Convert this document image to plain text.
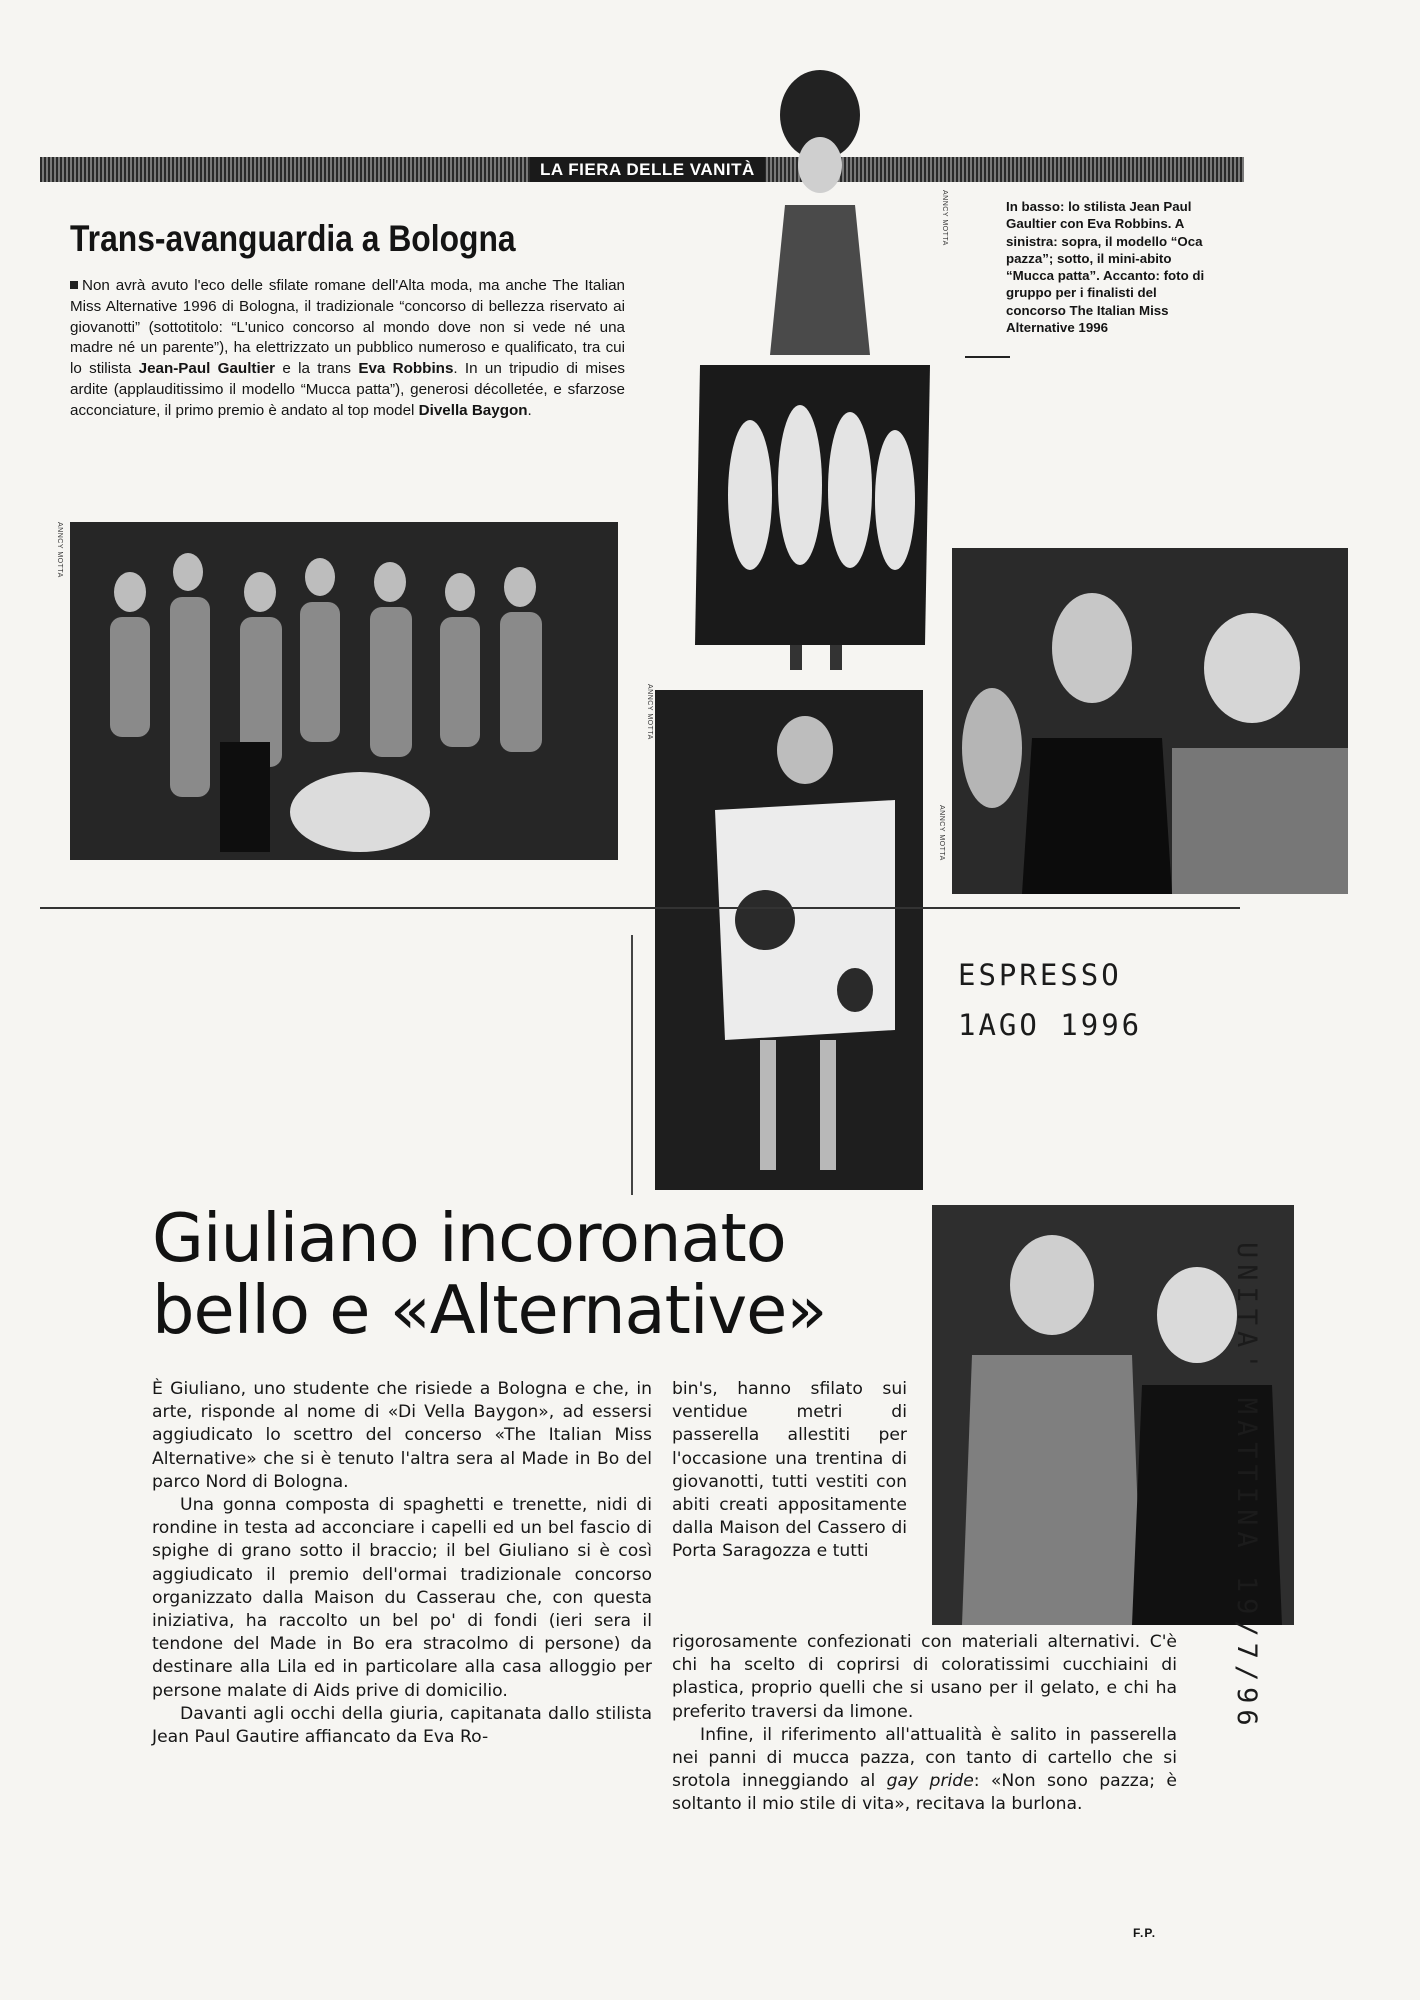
LA FIERA DELLE VANITÀ
Trans-avanguardia a Bologna
Non avrà avuto l'eco delle sfilate romane dell'Alta moda, ma anche The Italian Miss Alternative 1996 di Bologna, il tradizionale “concorso di bellezza riservato ai giovanotti” (sottotitolo: “L'unico concorso al mondo dove non si vede né una madre né un parente”), ha elettrizzato un pubblico numeroso e qualificato, tra cui lo stilista Jean-Paul Gaultier e la trans Eva Robbins. In un tripudio di mises ardite (applauditissimo il modello “Mucca patta”), generosi décolletée, e sfarzose acconciature, il primo premio è andato al top model Divella Baygon.
In basso: lo stilista Jean Paul Gaultier con Eva Robbins. A sinistra: sopra, il modello “Oca pazza”; sotto, il mini-abito “Mucca patta”. Accanto: foto di gruppo per i finalisti del concorso The Italian Miss Alternative 1996
ANNCY MOTTA
ANNCY MOTTA
ANNCY MOTTA
ANNCY MOTTA
ESPRESSO
1AGO 1996
UNITA' MATTINA 19/7/96
Giuliano incoronato
bello e «Alternative»

È Giuliano, uno studente che risiede a Bologna e che, in arte, risponde al nome di «Di Vella Baygon», ad essersi aggiudicato lo scettro del concerso «The Italian Miss Alternative» che si è tenuto l'altra sera al Made in Bo del parco Nord di Bologna.

Una gonna composta di spaghetti e trenette, nidi di rondine in testa ad acconciare i capelli ed un bel fascio di spighe di grano sotto il braccio; il bel Giuliano si è così aggiudicato il premio dell'ormai tradizionale concorso organizzato dalla Maison du Casserau che, con questa iniziativa, ha raccolto un bel po' di fondi (ieri sera il tendone del Made in Bo era stracolmo di persone) da destinare alla Lila ed in particolare alla casa alloggio per persone malate di Aids prive di domicilio.

Davanti agli occhi della giuria, capitanata dallo stilista Jean Paul Gautire affiancato da Eva Ro-

bin's, hanno sfilato sui ventidue metri di passerella allestiti per l'occasione una trentina di giovanotti, tutti vestiti con abiti creati appositamente dalla Maison del Cassero di Porta Saragozza e tutti

rigorosamente confezionati con materiali alternativi. C'è chi ha scelto di coprirsi di coloratissimi cucchiaini di plastica, proprio quelli che si usano per il gelato, e chi ha preferito traversi da limone.

Infine, il riferimento all'attualità è salito in passerella nei panni di mucca pazza, con tanto di cartello che si srotola inneggiando al gay pride: «Non sono pazza; è soltanto il mio stile di vita», recitava la burlona.

F.P.
